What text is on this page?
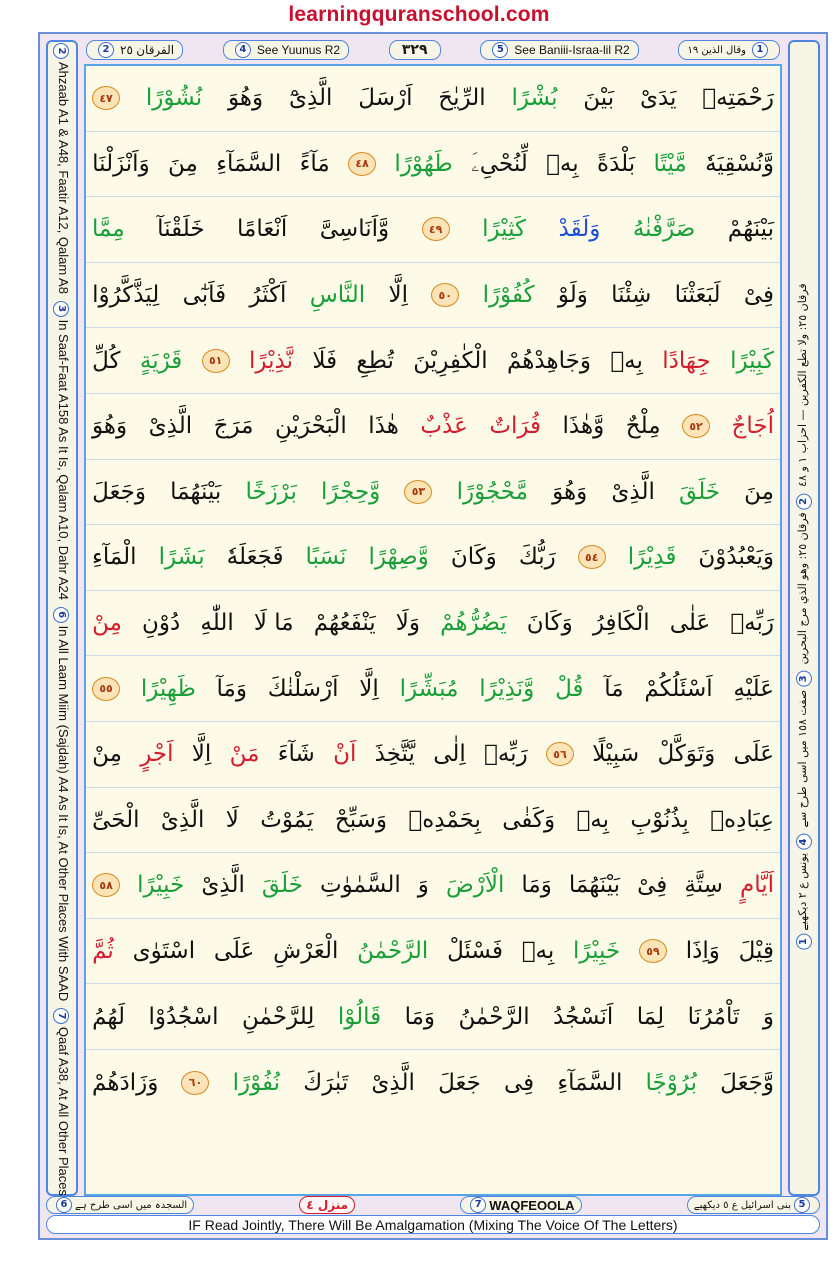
learningquranschool.com
2 الفرقان ٢٥	4 See Yuunus R2	٣٢٩	5 See Baniii-Israa-lil R2	وقال الذين ١٩	1
2Ahzaab A1 & A48, Faatir A12, Qalam A8 3In Saaf-Faat A158 As It Is, Qalam A10, Dahr A24 6In All Laam Miim (Sajdah) A4 As It Is, At Other Places With SAAD 7Qaaf A38, At All Other Places
1فرقان ٢٥: ولا تطع الكفرين — احزاب ١ و ٤٨ 2فرقان ٢٥: وهو الذي مرج البحرين 3صفت ١٥٨ میں اسی طرح سے 4یونس ع ٢ دیکھیے
رَحْمَتِهٖ
يَدَىْ
بَيْنَ
بُشْرًا
الرِّيٰحَ
اَرْسَلَ
الَّذِىْٓ
وَهُوَ
نُشُوْرًا
٤٧
وَّنُسْقِيَهٗ
مَّيْتًا
بَلْدَةً
بِهٖ
لِّنُحْیِۦَ
طَهُوْرًا
٤٨
مَآءً
السَّمَآءِ
مِنَ
وَاَنْزَلْنَا
بَيْنَهُمْ
صَرَّفْنٰهُ
وَلَقَدْ
كَثِيْرًا
٤٩
وَّاَنَاسِىَّ
اَنْعَامًا
خَلَقْنَآ
مِمَّا
فِىْ
لَبَعَثْنَا
شِئْنَا
وَلَوْ
كُفُوْرًا
٥٠
اِلَّا
النَّاسِ
اَكْثَرُ
فَاَبٰٓى
لِيَذَّكَّرُوْا
كَبِيْرًا
جِهَادًا
بِهٖ
وَجَاهِدْهُمْ
الْكٰفِرِيْنَ
تُطِعِ
فَلَا
نَّذِيْرًا
٥١
قَرْيَةٍ
كُلِّ
اُجَاجٌ
٥٢
مِلْحٌ
وَّهٰذَا
فُرَاتٌ
عَذْبٌ
هٰذَا
الْبَحْرَيْنِ
مَرَجَ
الَّذِىْ
وَهُوَ
مِنَ
خَلَقَ
الَّذِىْ
وَهُوَ
مَّحْجُوْرًا
٥٣
وَّحِجْرًا
بَرْزَخًا
بَيْنَهُمَا
وَجَعَلَ
وَيَعْبُدُوْنَ
قَدِيْرًا
٥٤
رَبُّكَ
وَكَانَ
وَّصِهْرًا
نَسَبًا
فَجَعَلَهٗ
بَشَرًا
الْمَآءِ
رَبِّهٖ
عَلٰى
الْكَافِرُ
وَكَانَ
يَضُرُّهُمْ
وَلَا
يَنْفَعُهُمْ
مَا لَا
اللّٰهِ
دُوْنِ
مِنْ
عَلَيْهِ
اَسْئَلُكُمْ
مَآ
قُلْ
وَّنَذِيْرًا
مُبَشِّرًا
اِلَّا
اَرْسَلْنٰكَ
وَمَآ
ظَهِيْرًا
٥٥
عَلَى
وَتَوَكَّلْ
سَبِيْلًا
٥٦
رَبِّهٖ
اِلٰى
يَّتَّخِذَ
اَنْ
شَآءَ
مَنْ
اِلَّا
اَجْرٍ
مِنْ
عِبَادِهٖ
بِذُنُوْبِ
بِهٖ
وَكَفٰى
بِحَمْدِهٖ
وَسَبِّحْ
يَمُوْتُ
لَا
الَّذِىْ
الْحَىِّ
اَيَّامٍ
سِتَّةِ
فِىْ
بَيْنَهُمَا
وَمَا
الْاَرْضَ
وَ
السَّمٰوٰتِ
خَلَقَ
الَّذِىْ
خَبِيْرًا
٥٨
قِيْلَ
وَاِذَا
٥٩
خَبِيْرًا
بِهٖ
فَسْئَلْ
الرَّحْمٰنُ
الْعَرْشِ
عَلَى
اسْتَوٰى
ثُمَّ
وَ
تَاْمُرُنَا
لِمَا
اَنَسْجُدُ
الرَّحْمٰنُ
وَمَا
قَالُوْا
لِلرَّحْمٰنِ
اسْجُدُوْا
لَهُمُ
وَّجَعَلَ
بُرُوْجًا
السَّمَآءِ
فِى
جَعَلَ
الَّذِىْ
تَبٰرَكَ
نُفُوْرًا
٦٠
وَزَادَهُمْ
6 السجدہ میں اسی طرح ہے	منزل ٤	7 WAQFEOOLA	بنی اسرائیل ع ٥ دیکھیے 5
IF Read Jointly, There Will Be Amalgamation (Mixing The Voice Of The Letters)
